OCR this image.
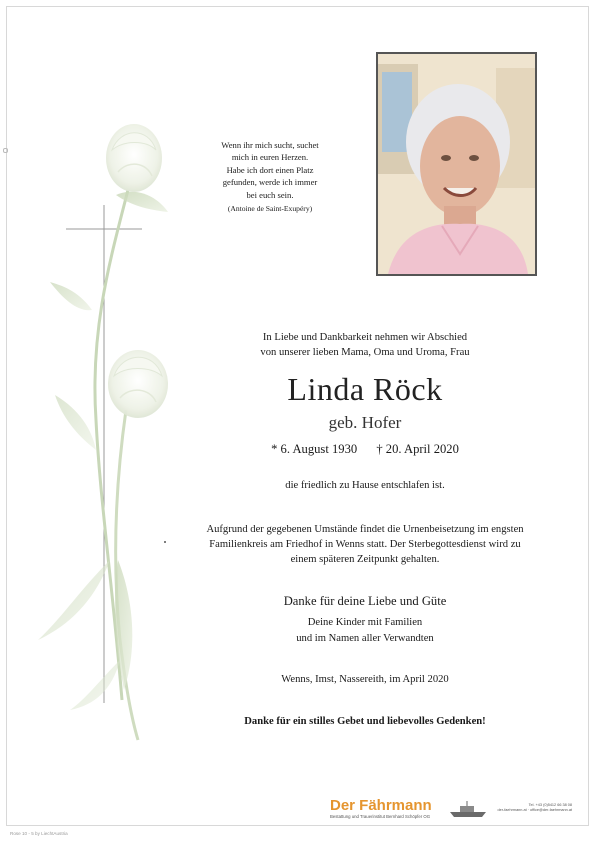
Wenn ihr mich sucht, suchet
mich in euren Herzen.
Habe ich dort einen Platz
gefunden, werde ich immer
bei euch sein.
(Antoine de Saint-Exupéry)
In Liebe und Dankbarkeit nehmen wir Abschied
von unserer lieben Mama, Oma und Uroma, Frau
Linda Röck
geb. Hofer
* 6. August 1930 † 20. April 2020
die friedlich zu Hause entschlafen ist.
Aufgrund der gegebenen Umstände findet die Urnenbeisetzung im engsten
Familienkreis am Friedhof in Wenns statt. Der Sterbegottesdienst wird zu
einem späteren Zeitpunkt gehalten.
Danke für deine Liebe und Güte
Deine Kinder mit Familien
und im Namen aller Verwandten
Wenns, Imst, Nassereith, im April 2020
Danke für ein stilles Gebet und liebevolles Gedenken!
Der Fährmann
Bestattung und Trauerinstitut Bernhard Schöpfer OG
Tel. +43 (0)5412 66 38 08
der-faehrmann.at · office@der-faehrmann.at
Rose 10 - 5 by LiechtAustria
